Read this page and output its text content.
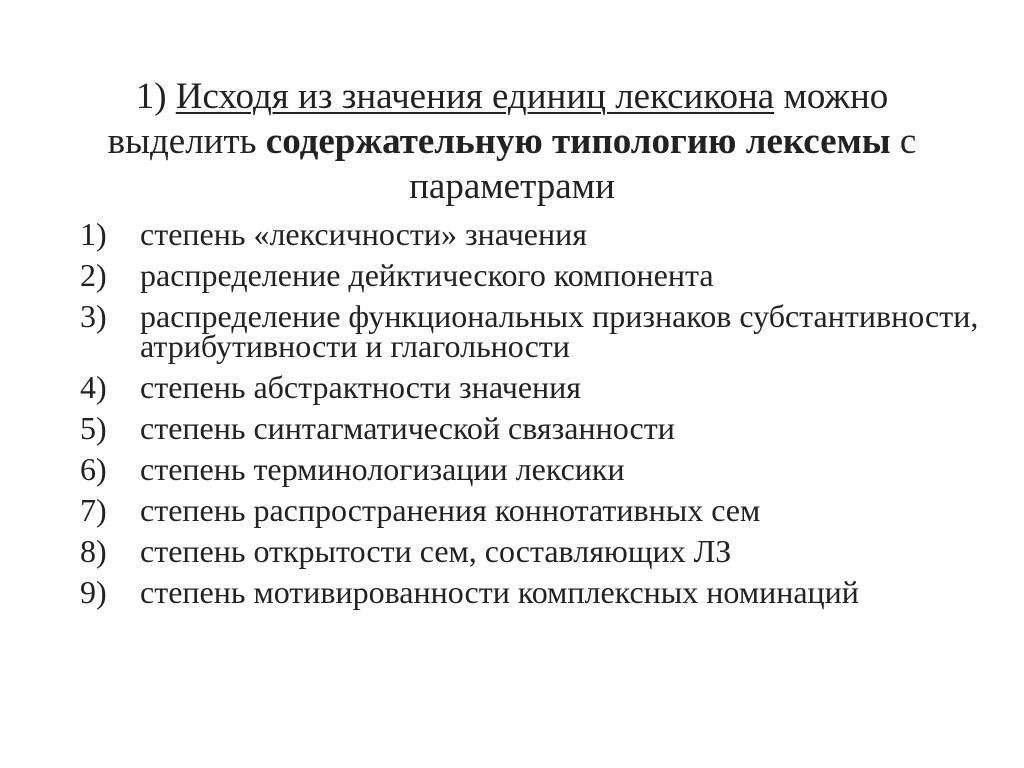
1) Исходя из значения единиц лексикона можно выделить содержательную типологию лексемы с параметрами
1)	степень «лексичности» значения
2)	распределение дейктического компонента
3)	распределение функциональных признаков субстантивности, атрибутивности и глагольности
4)	степень абстрактности значения
5)	степень синтагматической связанности
6)	степень терминологизации лексики
7)	степень распространения коннотативных сем
8)	степень открытости сем, составляющих ЛЗ
9)	степень мотивированности комплексных номинаций
